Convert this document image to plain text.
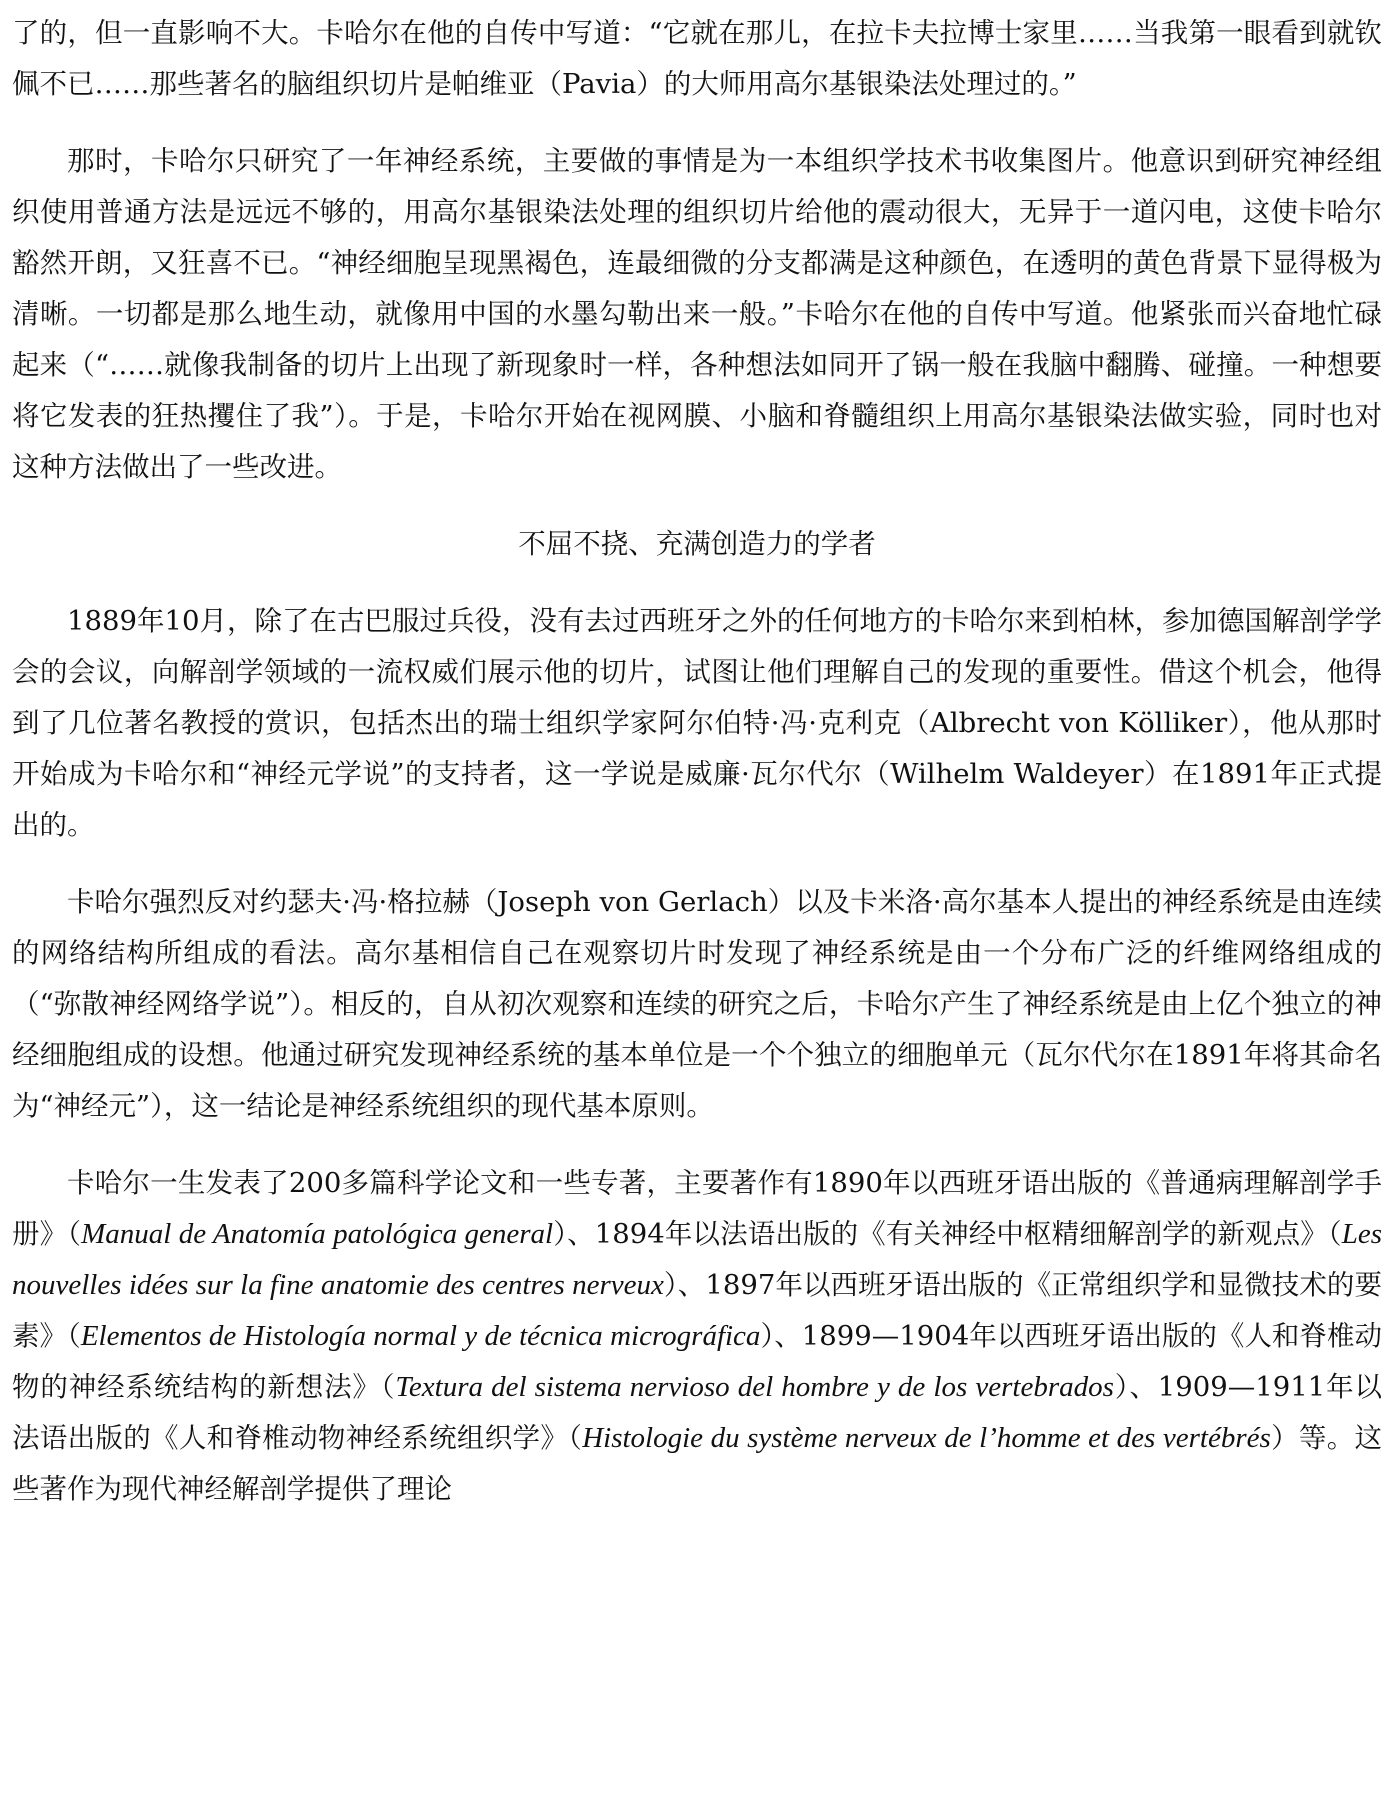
了的，但一直影响不大。卡哈尔在他的自传中写道：“它就在那儿，在拉卡夫拉博士家里……当我第一眼看到就钦佩不已……那些著名的脑组织切片是帕维亚（Pavia）的大师用高尔基银染法处理过的。”

那时，卡哈尔只研究了一年神经系统，主要做的事情是为一本组织学技术书收集图片。他意识到研究神经组织使用普通方法是远远不够的，用高尔基银染法处理的组织切片给他的震动很大，无异于一道闪电，这使卡哈尔豁然开朗，又狂喜不已。“神经细胞呈现黑褐色，连最细微的分支都满是这种颜色，在透明的黄色背景下显得极为清晰。一切都是那么地生动，就像用中国的水墨勾勒出来一般。”卡哈尔在他的自传中写道。他紧张而兴奋地忙碌起来（“……就像我制备的切片上出现了新现象时一样，各种想法如同开了锅一般在我脑中翻腾、碰撞。一种想要将它发表的狂热攫住了我”）。于是，卡哈尔开始在视网膜、小脑和脊髓组织上用高尔基银染法做实验，同时也对这种方法做出了一些改进。

不屈不挠、充满创造力的学者

1889年10月，除了在古巴服过兵役，没有去过西班牙之外的任何地方的卡哈尔来到柏林，参加德国解剖学学会的会议，向解剖学领域的一流权威们展示他的切片，试图让他们理解自己的发现的重要性。借这个机会，他得到了几位著名教授的赏识，包括杰出的瑞士组织学家阿尔伯特·冯·克利克（Albrecht von Kölliker），他从那时开始成为卡哈尔和“神经元学说”的支持者，这一学说是威廉·瓦尔代尔（Wilhelm Waldeyer）在1891年正式提出的。

卡哈尔强烈反对约瑟夫·冯·格拉赫（Joseph von Gerlach）以及卡米洛·高尔基本人提出的神经系统是由连续的网络结构所组成的看法。高尔基相信自己在观察切片时发现了神经系统是由一个分布广泛的纤维网络组成的（“弥散神经网络学说”）。相反的，自从初次观察和连续的研究之后，卡哈尔产生了神经系统是由上亿个独立的神经细胞组成的设想。他通过研究发现神经系统的基本单位是一个个独立的细胞单元（瓦尔代尔在1891年将其命名为“神经元”），这一结论是神经系统组织的现代基本原则。

卡哈尔一生发表了200多篇科学论文和一些专著，主要著作有1890年以西班牙语出版的《普通病理解剖学手册》（Manual de Anatomía patológica general）、1894年以法语出版的《有关神经中枢精细解剖学的新观点》（Les nouvelles idées sur la fine anatomie des centres nerveux）、1897年以西班牙语出版的《正常组织学和显微技术的要素》（Elementos de Histología normal y de técnica micrográfica）、1899—1904年以西班牙语出版的《人和脊椎动物的神经系统结构的新想法》（Textura del sistema nervioso del hombre y de los vertebrados）、1909—1911年以法语出版的《人和脊椎动物神经系统组织学》（Histologie du système nerveux de l’homme et des vertébrés）等。这些著作为现代神经解剖学提供了理论
